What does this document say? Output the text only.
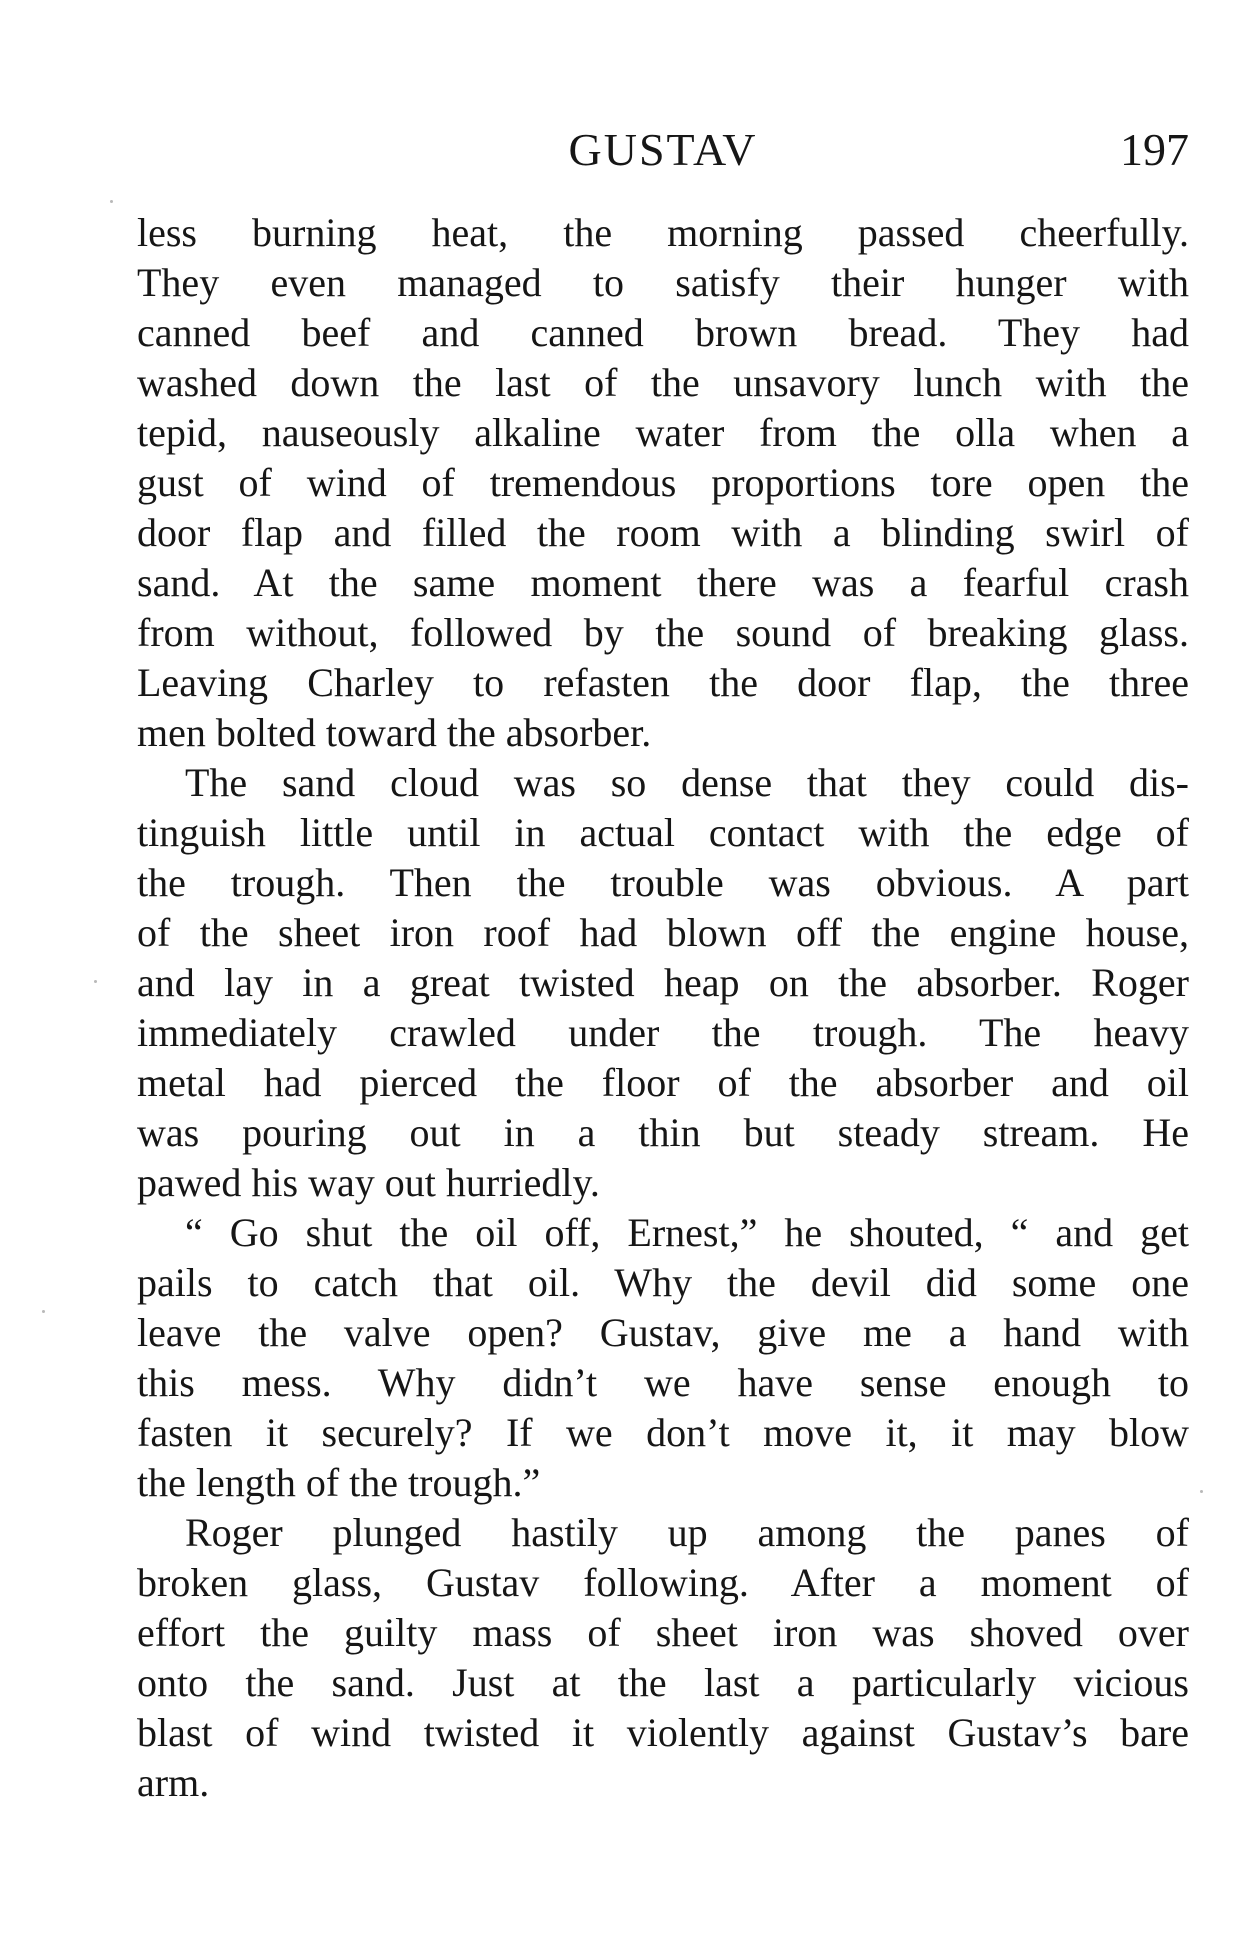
GUSTAV	197
less burning heat, the morning passed cheerfully.
They even managed to satisfy their hunger with
canned beef and canned brown bread. They had
washed down the last of the unsavory lunch with the
tepid, nauseously alkaline water from the olla when a
gust of wind of tremendous proportions tore open the
door flap and filled the room with a blinding swirl of
sand. At the same moment there was a fearful crash
from without, followed by the sound of breaking glass.
Leaving Charley to refasten the door flap, the three
men bolted toward the absorber.
The sand cloud was so dense that they could dis-
tinguish little until in actual contact with the edge of
the trough. Then the trouble was obvious. A part
of the sheet iron roof had blown off the engine house,
and lay in a great twisted heap on the absorber. Roger
immediately crawled under the trough. The heavy
metal had pierced the floor of the absorber and oil
was pouring out in a thin but steady stream. He
pawed his way out hurriedly.
“ Go shut the oil off, Ernest,” he shouted, “ and get
pails to catch that oil. Why the devil did some one
leave the valve open? Gustav, give me a hand with
this mess. Why didn’t we have sense enough to
fasten it securely? If we don’t move it, it may blow
the length of the trough.”
Roger plunged hastily up among the panes of
broken glass, Gustav following. After a moment of
effort the guilty mass of sheet iron was shoved over
onto the sand. Just at the last a particularly vicious
blast of wind twisted it violently against Gustav’s bare
arm.
